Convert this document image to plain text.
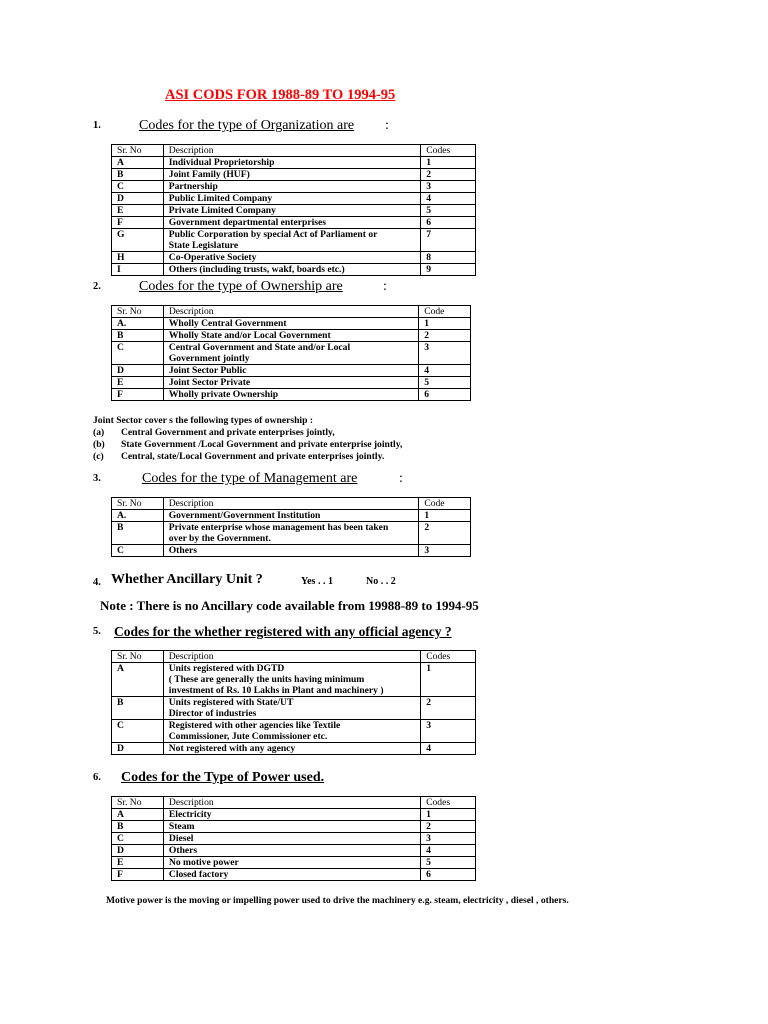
ASI CODS FOR 1988-89 TO 1994-95
1.	Codes for the type of Organization are :
Sr. No	Description	Codes
A	Individual Proprietorship	1
B	Joint Family (HUF)	2
C	Partnership	3
D	Public Limited Company	4
E	Private Limited Company	5
F	Government departmental enterprises	6
G	Public Corporation by special Act of Parliament or
State Legislature	7
H	Co-Operative Society	8
I	Others (including trusts, wakf, boards etc.)	9
2.	Codes for the type of Ownership are	:
Sr. No	Description	Code
A.	Wholly Central Government	1
B	Wholly State and/or Local Government	2
C	Central Government and State and/or Local
Government jointly	3
D	Joint Sector Public	4
E	Joint Sector Private	5
F	Wholly private Ownership	6
Joint Sector cover s the following types of ownership :
(a) Central Government and private enterprises jointly,
(b) State Government /Local Government and private enterprise jointly,
(c) Central, state/Local Government and private enterprises jointly.
3.	Codes for the type of Management are	:
Sr. No	Description	Code
A.	Government/Government Institution	1
B	Private enterprise whose management has been taken
over by the Government.	2
C	Others	3
4. Whether Ancillary Unit ?	Yes . . 1	No . . 2
Note : There is no Ancillary code available from 19988-89 to 1994-95
5. Codes for the whether registered with any official agency ?
Sr. No	Description	Codes
A	Units registered with DGTD
( These are generally the units having minimum
investment of Rs. 10 Lakhs in Plant and machinery )	1
B	Units registered with State/UT
Director of industries	2
C	Registered with other agencies like Textile
Commissioner, Jute Commissioner etc.	3
D	Not registered with any agency	4
6. Codes for the Type of Power used.
Sr. No	Description	Codes
A	Electricity	1
B	Steam	2
C	Diesel	3
D	Others	4
E	No motive power	5
F	Closed factory	6
Motive power is the moving or impelling power used to drive the machinery e.g. steam, electricity , diesel , others.
